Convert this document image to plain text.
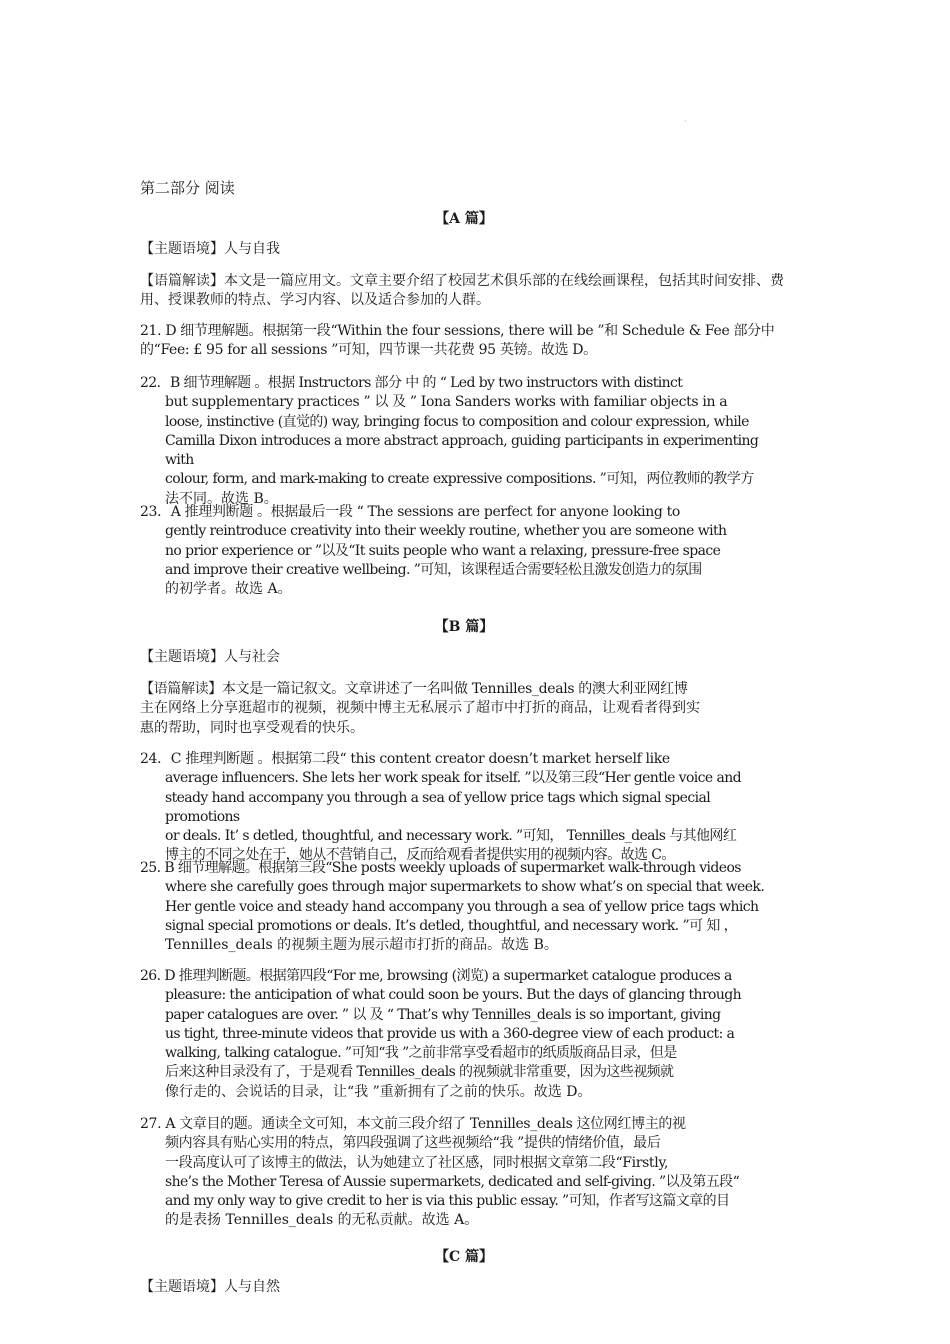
·
第二部分 阅读
【A 篇】
【主题语境】人与自我
【语篇解读】本文是一篇应用文。文章主要介绍了校园艺术俱乐部的在线绘画课程，包括其时间安排、费用、授课教师的特点、学习内容、以及适合参加的人群。
21. D 细节理解题。根据第一段“Within the four sessions, there will be ”和 Schedule & Fee 部分中的“Fee: £ 95 for all sessions ”可知，四节课一共花费 95 英镑。故选 D。
22．B 细节理解题 。根据 Instructors 部分 中 的 “ Led by two instructors with distinct
but supplementary practices ” 以 及 ” Iona Sanders works with familiar objects in a
loose, instinctive (直觉的) way, bringing focus to composition and colour expression, while
Camilla Dixon introduces a more abstract approach, guiding participants in experimenting with
colour, form, and mark-making to create expressive compositions. ”可知，两位教师的教学方
法不同。故选 B。
23．A 推理判断题 。根据最后一段 “ The sessions are perfect for anyone looking to
gently reintroduce creativity into their weekly routine, whether you are someone with
no prior experience or ”以及“It suits people who want a relaxing, pressure-free space
and improve their creative wellbeing. ”可知，该课程适合需要轻松且激发创造力的氛围
的初学者。故选 A。
【B 篇】
【主题语境】人与社会
【语篇解读】本文是一篇记叙文。文章讲述了一名叫做 Tennilles_deals 的澳大利亚网红博
主在网络上分享逛超市的视频，视频中博主无私展示了超市中打折的商品，让观看者得到实
惠的帮助，同时也享受观看的快乐。
24．C 推理判断题 。根据第二段“ this content creator doesn’t market herself like
average influencers. She lets her work speak for itself. ”以及第三段“Her gentle voice and
steady hand accompany you through a sea of yellow price tags which signal special promotions
or deals. It’ s detled, thoughtful, and necessary work. ”可知， Tennilles_deals 与其他网红
博主的不同之处在于，她从不营销自己，反而给观看者提供实用的视频内容。故选 C。
25. B 细节理解题。根据第三段“She posts weekly uploads of supermarket walk-through videos
where she carefully goes through major supermarkets to show what’s on special that week.
Her gentle voice and steady hand accompany you through a sea of yellow price tags which
signal special promotions or deals. It’s detled, thoughtful, and necessary work. ”可 知 ，
Tennilles_deals 的视频主题为展示超市打折的商品。故选 B。
26. D 推理判断题。根据第四段“For me, browsing (浏览) a supermarket catalogue produces a
pleasure: the anticipation of what could soon be yours. But the days of glancing through
paper catalogues are over. ” 以 及 “ That’s why Tennilles_deals is so important, giving
us tight, three-minute videos that provide us with a 360-degree view of each product: a
walking, talking catalogue. ”可知“我 ”之前非常享受看超市的纸质版商品目录，但是
后来这种目录没有了，于是观看 Tennilles_deals 的视频就非常重要，因为这些视频就
像行走的、会说话的目录，让“我 ”重新拥有了之前的快乐。故选 D。
27. A 文章目的题。通读全文可知，本文前三段介绍了 Tennilles_deals 这位网红博主的视
频内容具有贴心实用的特点，第四段强调了这些视频给“我 ”提供的情绪价值，最后
一段高度认可了该博主的做法，认为她建立了社区感，同时根据文章第二段“Firstly,
she’s the Mother Teresa of Aussie supermarkets, dedicated and self-giving. ”以及第五段“
and my only way to give credit to her is via this public essay. ”可知，作者写这篇文章的目
的是表扬 Tennilles_deals 的无私贡献。故选 A。
【C 篇】
【主题语境】人与自然
